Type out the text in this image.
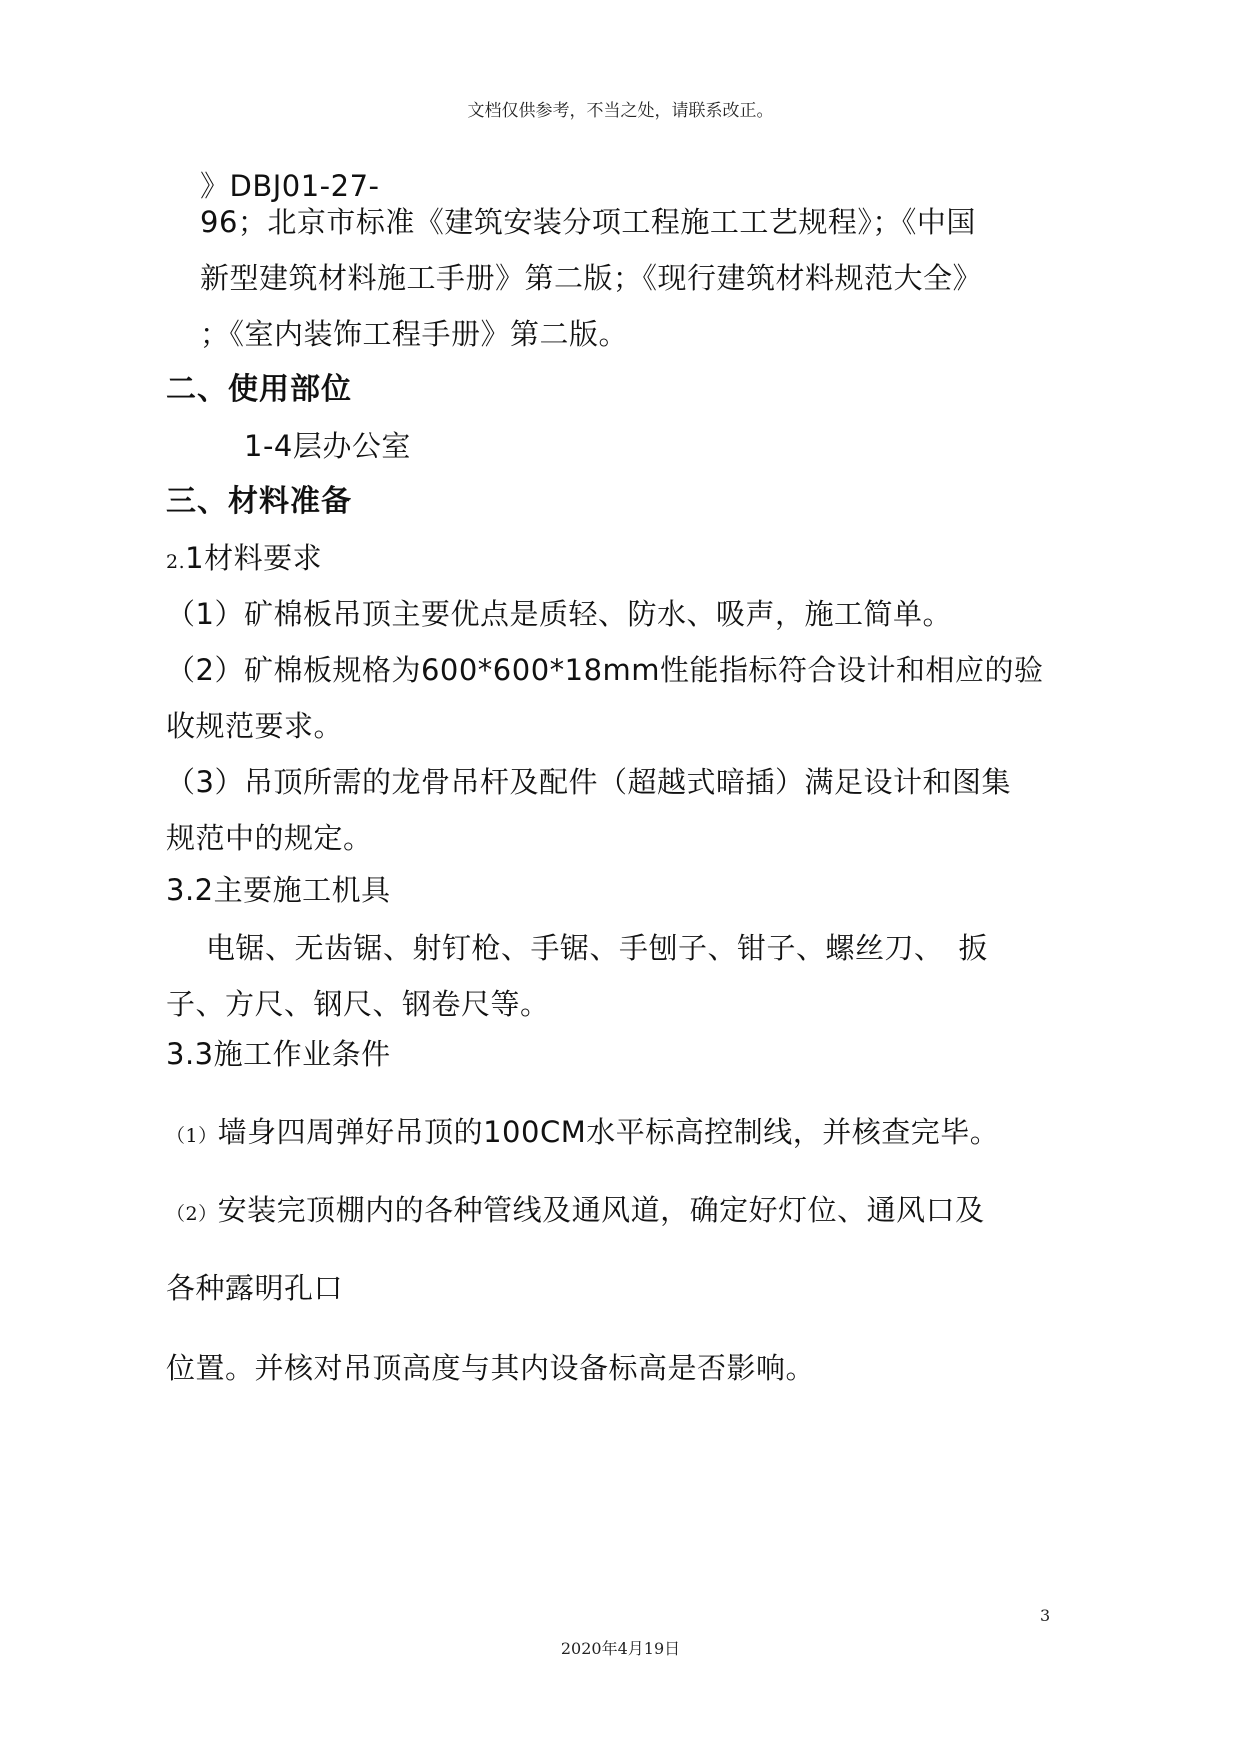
文档仅供参考，不当之处，请联系改正。
》DBJ01-27-
96；北京市标准《建筑安装分项工程施工工艺规程》；《中国
新型建筑材料施工手册》第二版；《现行建筑材料规范大全》
；《室内装饰工程手册》第二版。
二、使用部位
1-4层办公室
三、材料准备
2.1材料要求
（1）矿棉板吊顶主要优点是质轻、防水、吸声，施工简单。
（2）矿棉板规格为600*600*18mm性能指标符合设计和相应的验
收规范要求。
（3）吊顶所需的龙骨吊杆及配件（超越式暗插）满足设计和图集
规范中的规定。
3.2主要施工机具
电锯、无齿锯、射钉枪、手锯、手刨子、钳子、螺丝刀、　扳
子、方尺、钢尺、钢卷尺等。
3.3施工作业条件
（1）墙身四周弹好吊顶的100CM水平标高控制线，并核查完毕。
（2）安装完顶棚内的各种管线及通风道，确定好灯位、通风口及
各种露明孔口
位置。并核对吊顶高度与其内设备标高是否影响。
3
2020年4月19日
